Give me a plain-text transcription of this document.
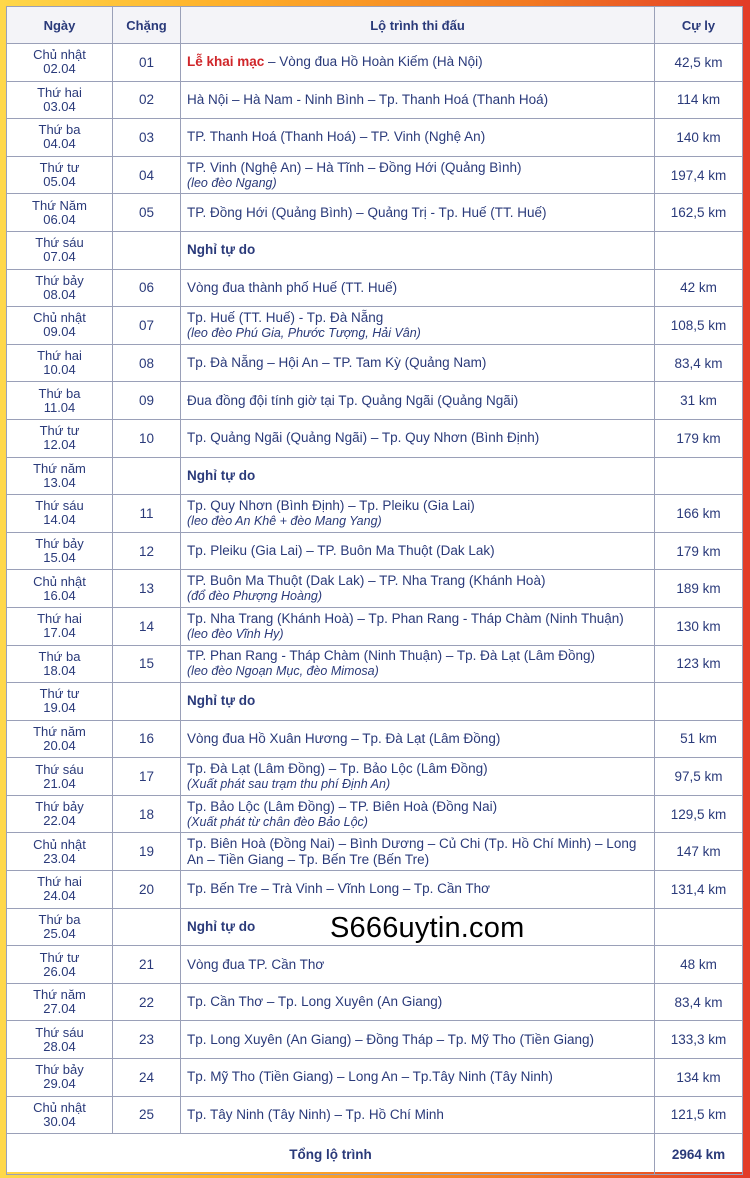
Ngày	Chặng	Lộ trình thi đấu	Cự ly

Chủ nhật
02.04	01	Lễ khai mạc – Vòng đua Hồ Hoàn Kiếm (Hà Nội)	42,5 km

Thứ hai
03.04	02	Hà Nội – Hà Nam - Ninh Bình – Tp. Thanh Hoá (Thanh Hoá)	114 km

Thứ ba
04.04	03	TP. Thanh Hoá (Thanh Hoá) – TP. Vinh (Nghệ An)	140 km

Thứ tư
05.04	04	TP. Vinh (Nghệ An) – Hà Tĩnh – Đồng Hới (Quảng Bình)
(leo đèo Ngang)	197,4 km

Thứ Năm
06.04	05	TP. Đồng Hới (Quảng Bình) – Quảng Trị - Tp. Huế (TT. Huế)	162,5 km

Thứ sáu
07.04		Nghỉ tự do	

Thứ bảy
08.04	06	Vòng đua thành phố Huế (TT. Huế)	42 km

Chủ nhật
09.04	07	Tp. Huế (TT. Huế) - Tp. Đà Nẵng
(leo đèo Phú Gia, Phước Tượng, Hải Vân)	108,5 km

Thứ hai
10.04	08	Tp. Đà Nẵng – Hội An – TP. Tam Kỳ (Quảng Nam)	83,4 km

Thứ ba
11.04	09	Đua đồng đội tính giờ tại Tp. Quảng Ngãi (Quảng Ngãi)	31 km

Thứ tư
12.04	10	Tp. Quảng Ngãi (Quảng Ngãi) – Tp. Quy Nhơn (Bình Định)	179 km

Thứ năm
13.04		Nghỉ tự do	

Thứ sáu
14.04	11	Tp. Quy Nhơn (Bình Định) – Tp. Pleiku (Gia Lai)
(leo đèo An Khê + đèo Mang Yang)	166 km

Thứ bảy
15.04	12	Tp. Pleiku (Gia Lai) – TP. Buôn Ma Thuột (Dak Lak)	179 km

Chủ nhật
16.04	13	TP. Buôn Ma Thuột (Dak Lak) – TP. Nha Trang (Khánh Hoà)
(đổ đèo Phượng Hoàng)	189 km

Thứ hai
17.04	14	Tp. Nha Trang (Khánh Hoà) – Tp. Phan Rang - Tháp Chàm (Ninh Thuận)
(leo đèo Vĩnh Hy)	130 km

Thứ ba
18.04	15	TP. Phan Rang - Tháp Chàm (Ninh Thuận) – Tp. Đà Lạt (Lâm Đồng)
(leo đèo Ngoạn Mục, đèo Mimosa)	123 km

Thứ tư
19.04		Nghỉ tự do	

Thứ năm
20.04	16	Vòng đua Hồ Xuân Hương – Tp. Đà Lạt (Lâm Đồng)	51 km

Thứ sáu
21.04	17	Tp. Đà Lạt (Lâm Đồng) – Tp. Bảo Lộc (Lâm Đồng)
(Xuất phát sau trạm thu phí Định An)	97,5 km

Thứ bảy
22.04	18	Tp. Bảo Lộc (Lâm Đồng) – TP. Biên Hoà (Đồng Nai)
(Xuất phát từ chân đèo Bảo Lộc)	129,5 km

Chủ nhật
23.04	19	Tp. Biên Hoà (Đồng Nai) – Bình Dương – Củ Chi (Tp. Hồ Chí Minh) – Long An – Tiền Giang – Tp. Bến Tre (Bến Tre)	147 km

Thứ hai
24.04	20	Tp. Bến Tre – Trà Vinh – Vĩnh Long – Tp. Cần Thơ	131,4 km

Thứ ba
25.04		Nghỉ tự do	

Thứ tư
26.04	21	Vòng đua TP. Cần Thơ	48 km

Thứ năm
27.04	22	Tp. Cần Thơ – Tp. Long Xuyên (An Giang)	83,4 km

Thứ sáu
28.04	23	Tp. Long Xuyên (An Giang) – Đồng Tháp – Tp. Mỹ Tho (Tiền Giang)	133,3 km

Thứ bảy
29.04	24	Tp. Mỹ Tho (Tiền Giang) – Long An – Tp.Tây Ninh (Tây Ninh)	134 km

Chủ nhật
30.04	25	Tp. Tây Ninh (Tây Ninh) – Tp. Hồ Chí Minh	121,5 km
Tổng lộ trình			2964 km
S666uytin.com
